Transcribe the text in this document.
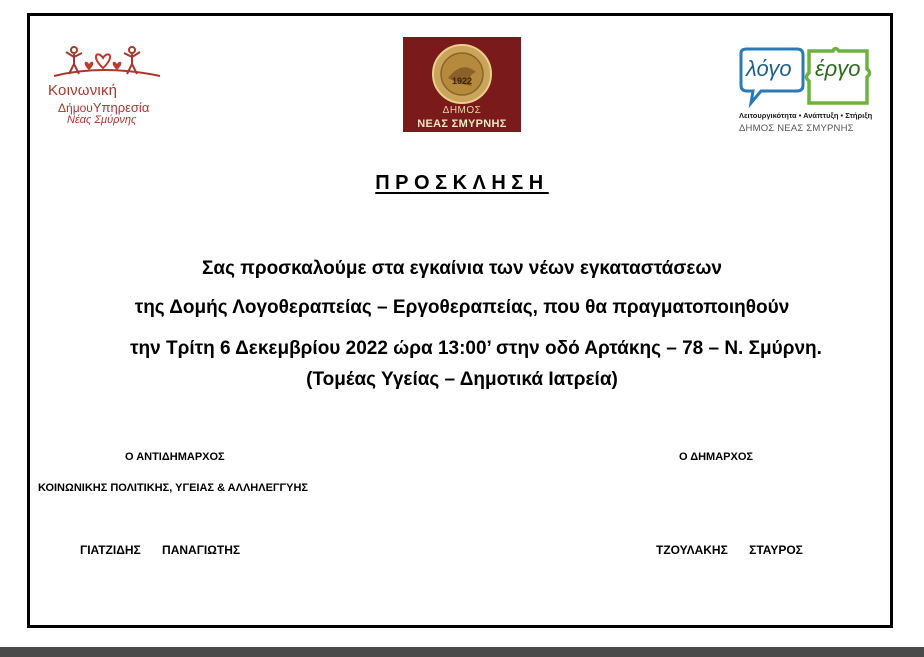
Κοινωνική
ΔήμουΥπηρεσία
Νέας Σμύρνης
1922
ΔΗΜΟΣ
ΝΕΑΣ ΣΜΥΡΝΗΣ
λόγο έργο
Λειτουργικότητα • Ανάπτυξη • Στήριξη
ΔΗΜΟΣ ΝΕΑΣ ΣΜΥΡΝΗΣ
ΠΡΟΣΚΛΗΣΗ
Σας προσκαλούμε στα εγκαίνια των νέων εγκαταστάσεων
της Δομής Λογοθεραπείας – Εργοθεραπείας, που θα πραγματοποιηθούν
την Τρίτη 6 Δεκεμβρίου 2022 ώρα 13:00’ στην οδό Αρτάκης – 78 – Ν. Σμύρνη.
(Τομέας Υγείας – Δημοτικά Ιατρεία)
Ο ΑΝΤΙΔΗΜΑΡΧΟΣ
ΚΟΙΝΩΝΙΚΗΣ ΠΟΛΙΤΙΚΗΣ, ΥΓΕΙΑΣ & ΑΛΛΗΛΕΓΓΥΗΣ
ΓΙΑΤΖΙΔΗΣ ΠΑΝΑΓΙΩΤΗΣ
Ο ΔΗΜΑΡΧΟΣ
ΤΖΟΥΛΑΚΗΣ ΣΤΑΥΡΟΣ
